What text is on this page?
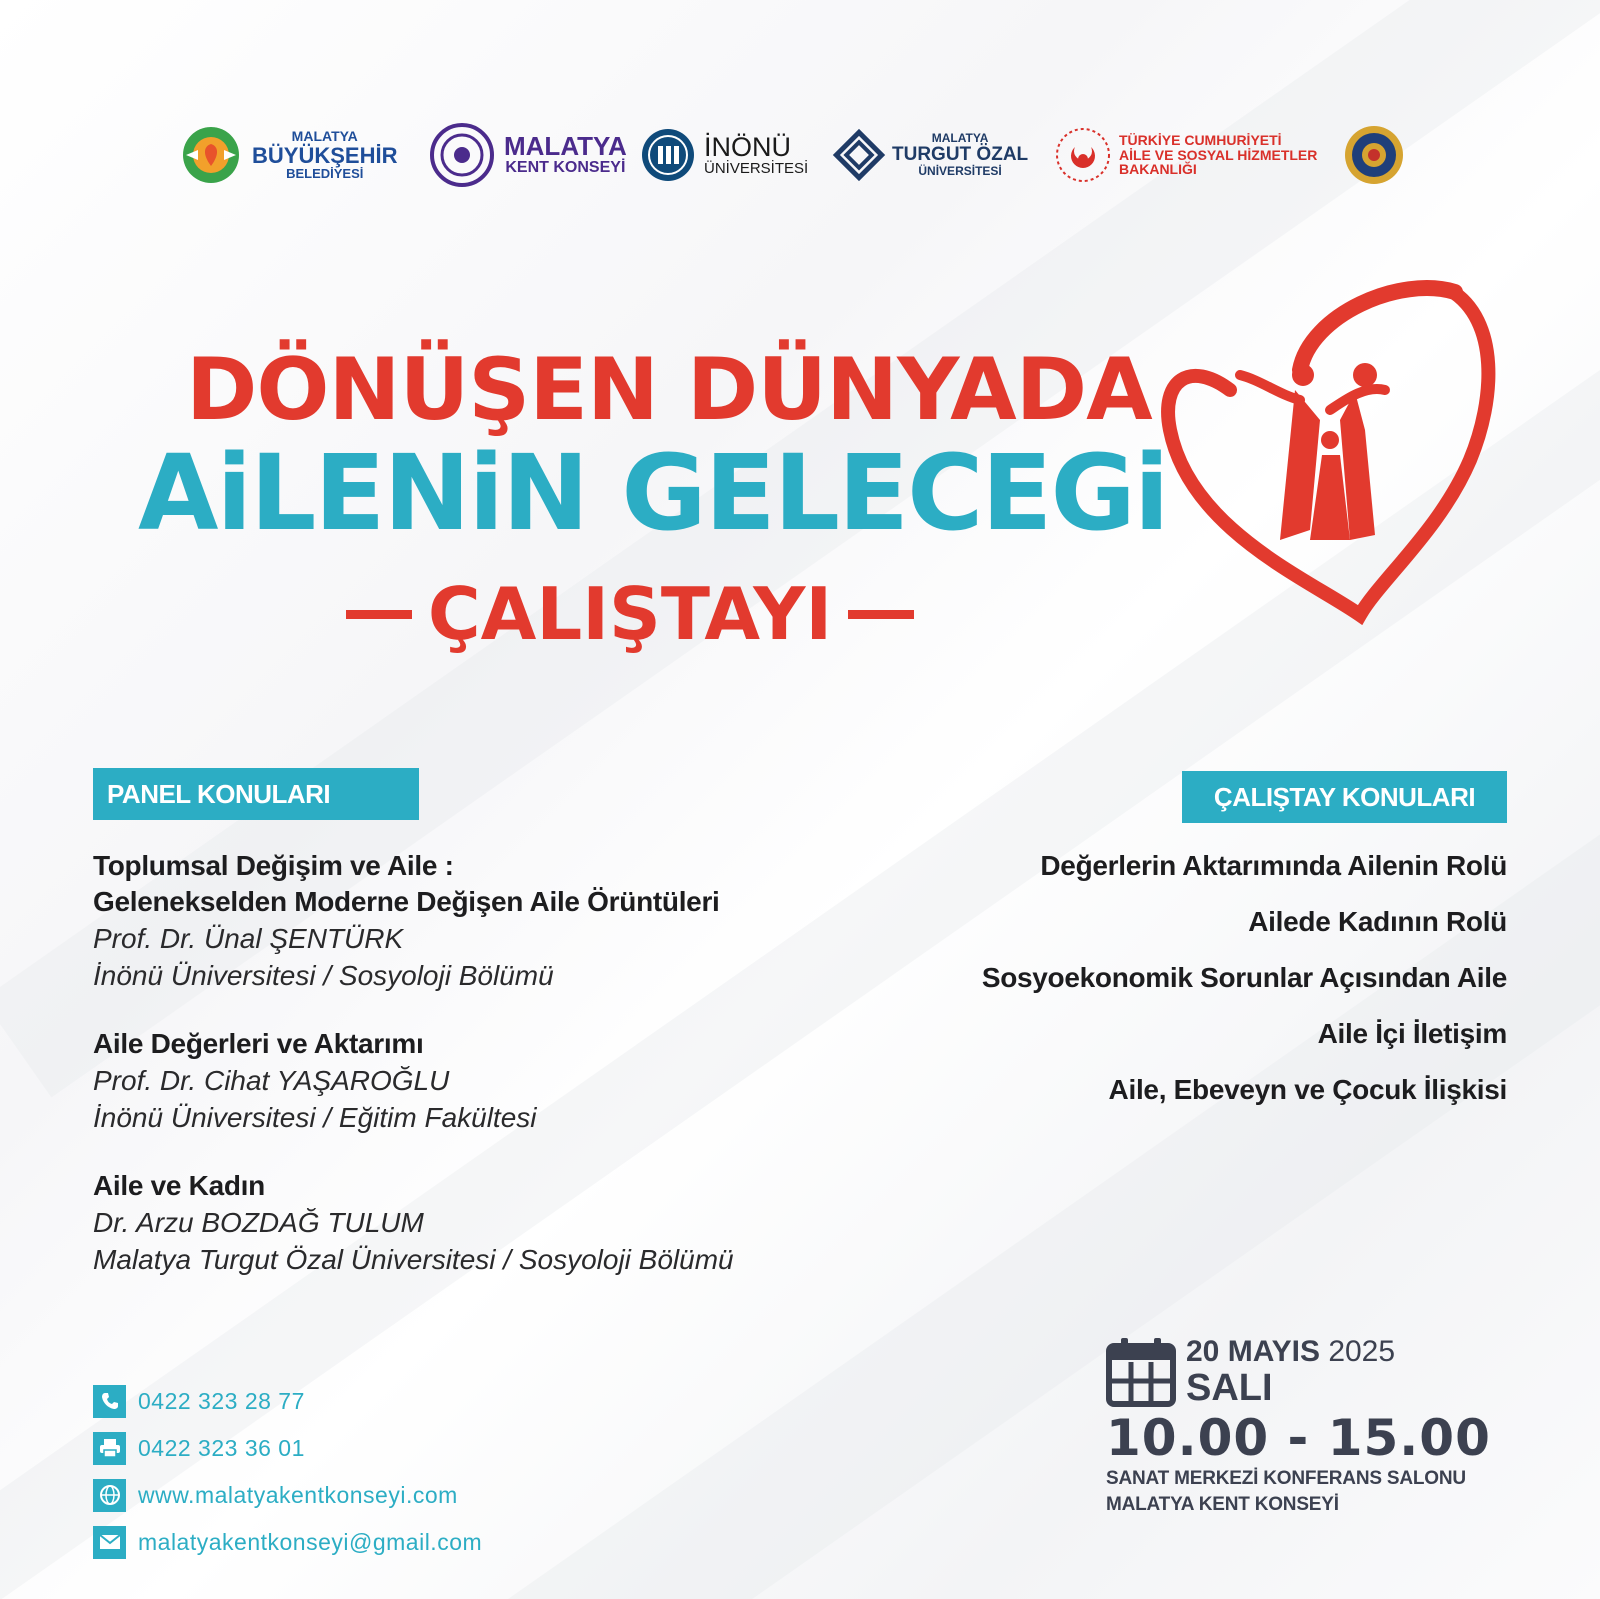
MALATYA
BÜYÜKŞEHİR
BELEDİYESİ
MALATYA
KENT KONSEYİ
İNÖNÜ
ÜNİVERSİTESİ
MALATYA
TURGUT ÖZAL
ÜNİVERSİTESİ
TÜRKİYE CUMHURİYETİ
AİLE VE SOSYAL HİZMETLER
BAKANLIĞI
DÖNÜŞEN DÜNYADA
AiLENiN GELECEGi
ÇALIŞTAYI
PANEL KONULARI	ÇALIŞTAY KONULARI
Toplumsal Değişim ve Aile :
Gelenekselden Moderne Değişen Aile Örüntüleri
Prof. Dr. Ünal ŞENTÜRK
İnönü Üniversitesi / Sosyoloji Bölümü
Aile Değerleri ve Aktarımı
Prof. Dr. Cihat YAŞAROĞLU
İnönü Üniversitesi / Eğitim Fakültesi
Aile ve Kadın
Dr. Arzu BOZDAĞ TULUM
Malatya Turgut Özal Üniversitesi / Sosyoloji Bölümü
Değerlerin Aktarımında Ailenin Rolü
Ailede Kadının Rolü
Sosyoekonomik Sorunlar Açısından Aile
Aile İçi İletişim
Aile, Ebeveyn ve Çocuk İlişkisi
0422 323 28 77
0422 323 36 01
www.malatyakentkonseyi.com
malatyakentkonseyi@gmail.com
20 MAYIS 2025
SALI
10.00 - 15.00
SANAT MERKEZİ KONFERANS SALONU
MALATYA KENT KONSEYİ
